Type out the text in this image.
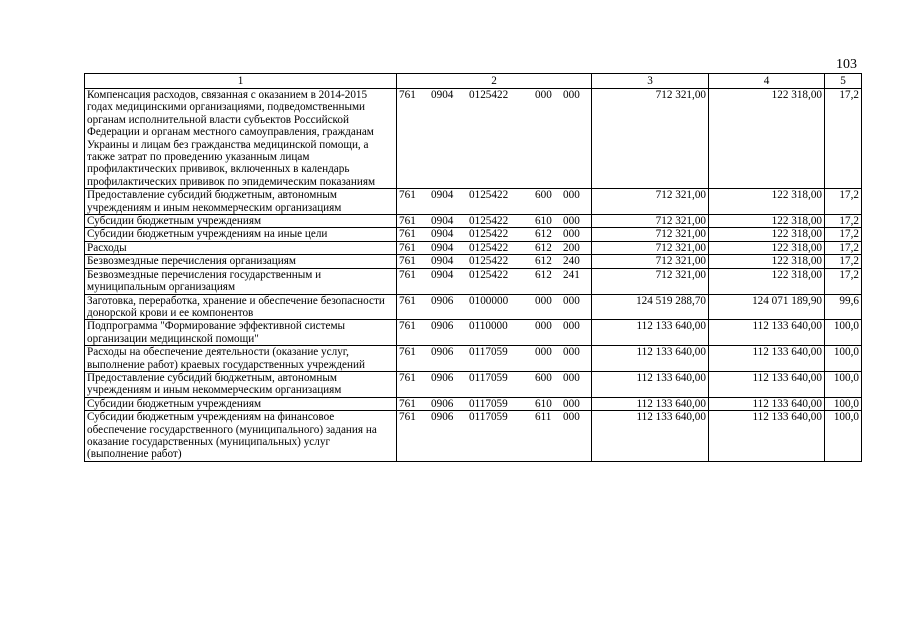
103
1	2	3	4	5
Компенсация расходов, связанная с оказанием в 2014-2015 годах медицинскими организациями, подведомственными органам исполнительной власти субъектов Российской Федерации и органам местного самоуправления, гражданам Украины и лицам без гражданства медицинской помощи, а также затрат по проведению указанным лицам профилактических прививок, включенных в календарь профилактических прививок по эпидемическим показаниям	761 0904 0125422 000 000	712 321,00	122 318,00	17,2
Предоставление субсидий бюджетным, автономным учреждениям и иным некоммерческим организациям	761 0904 0125422 600 000	712 321,00	122 318,00	17,2
Субсидии бюджетным учреждениям	761 0904 0125422 610 000	712 321,00	122 318,00	17,2
Субсидии бюджетным учреждениям на иные цели	761 0904 0125422 612 000	712 321,00	122 318,00	17,2
Расходы	761 0904 0125422 612 200	712 321,00	122 318,00	17,2
Безвозмездные перечисления организациям	761 0904 0125422 612 240	712 321,00	122 318,00	17,2
Безвозмездные перечисления государственным и муниципальным организациям	761 0904 0125422 612 241	712 321,00	122 318,00	17,2
Заготовка, переработка, хранение и обеспечение безопасности донорской крови и ее компонентов	761 0906 0100000 000 000	124 519 288,70	124 071 189,90	99,6
Подпрограмма "Формирование эффективной системы организации медицинской помощи"	761 0906 0110000 000 000	112 133 640,00	112 133 640,00	100,0
Расходы на обеспечение деятельности (оказание услуг, выполнение работ) краевых государственных учреждений	761 0906 0117059 000 000	112 133 640,00	112 133 640,00	100,0
Предоставление субсидий бюджетным, автономным учреждениям и иным некоммерческим организациям	761 0906 0117059 600 000	112 133 640,00	112 133 640,00	100,0
Субсидии бюджетным учреждениям	761 0906 0117059 610 000	112 133 640,00	112 133 640,00	100,0
Субсидии бюджетным учреждениям на финансовое обеспечение государственного (муниципального) задания на оказание государственных (муниципальных) услуг (выполнение работ)	761 0906 0117059 611 000	112 133 640,00	112 133 640,00	100,0
